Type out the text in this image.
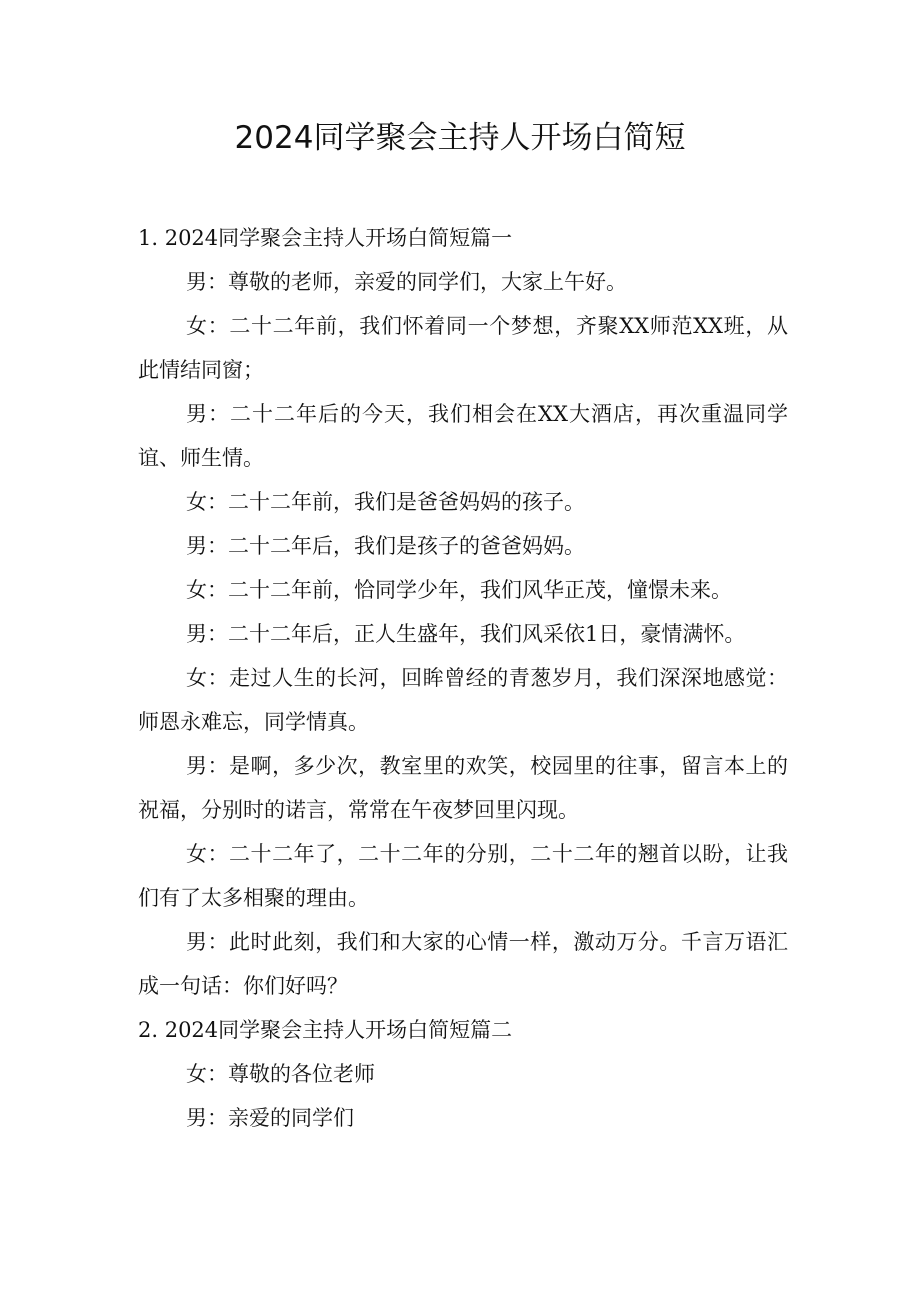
2024同学聚会主持人开场白简短

1. 2024同学聚会主持人开场白简短篇一

男：尊敬的老师，亲爱的同学们，大家上午好。

女：二十二年前，我们怀着同一个梦想，齐聚XX师范XX班，从此情结同窗；

男：二十二年后的今天，我们相会在XX大酒店，再次重温同学谊、师生情。

女：二十二年前，我们是爸爸妈妈的孩子。

男：二十二年后，我们是孩子的爸爸妈妈。

女：二十二年前，恰同学少年，我们风华正茂，憧憬未来。

男：二十二年后，正人生盛年，我们风采依1日，豪情满怀。

女：走过人生的长河，回眸曾经的青葱岁月，我们深深地感觉：师恩永难忘，同学情真。

男：是啊，多少次，教室里的欢笑，校园里的往事，留言本上的祝福，分别时的诺言，常常在午夜梦回里闪现。

女：二十二年了，二十二年的分别，二十二年的翘首以盼，让我们有了太多相聚的理由。

男：此时此刻，我们和大家的心情一样，激动万分。千言万语汇成一句话：你们好吗？

2. 2024同学聚会主持人开场白简短篇二

女：尊敬的各位老师

男：亲爱的同学们
